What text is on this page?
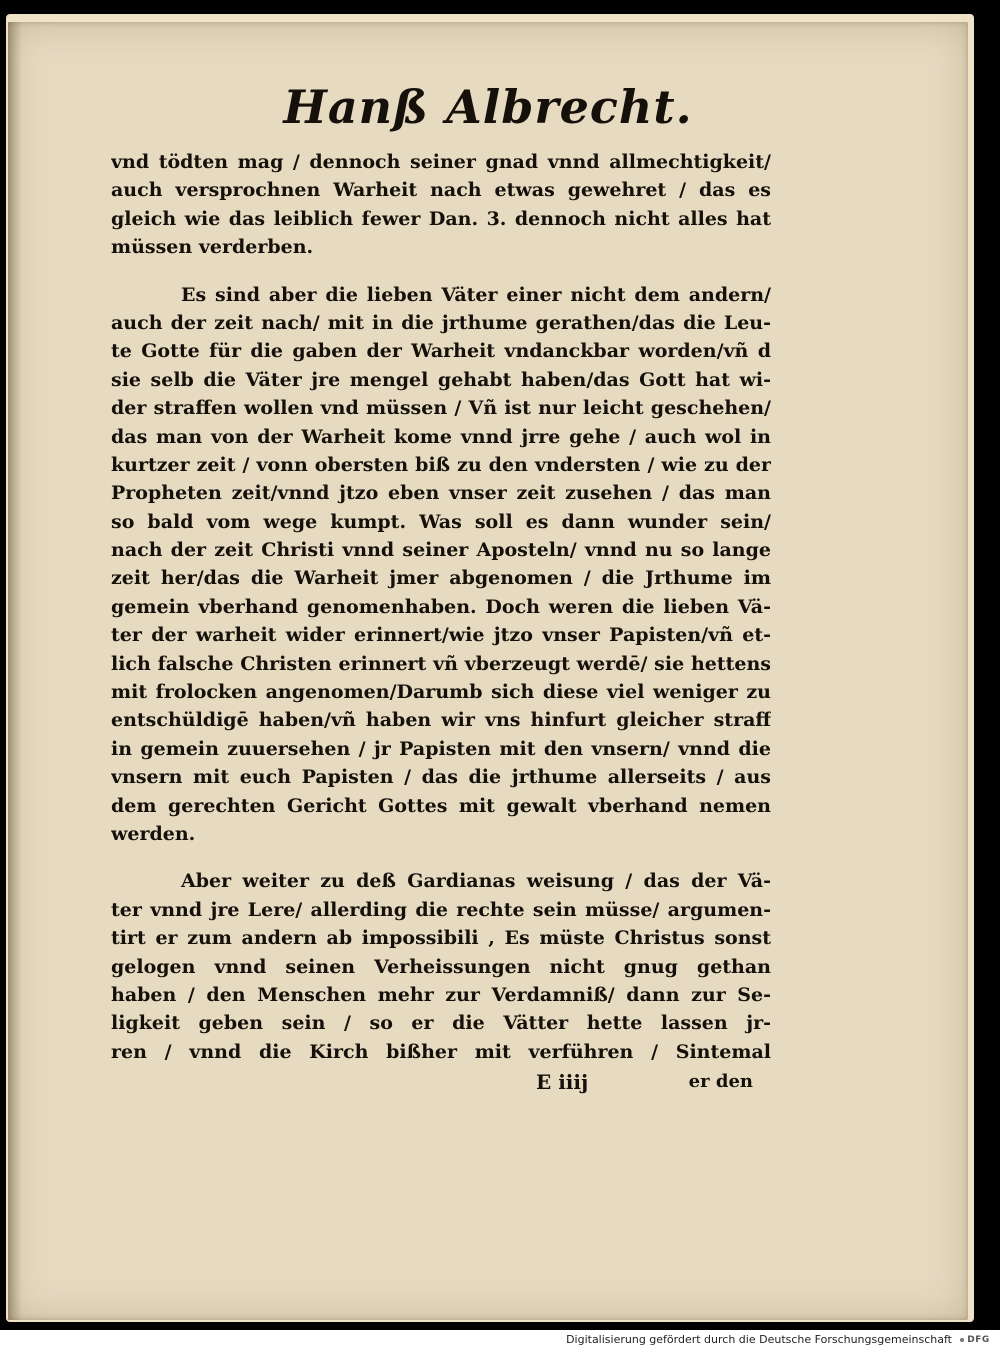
Hanß Albrecht.
vnd tödten mag / dennoch seiner gnad vnnd allmechtigkeit/
auch versprochnen Warheit nach etwas gewehret / das es
gleich wie das leiblich fewer Dan. 3. dennoch nicht alles hat
müssen verderben.
Es sind aber die lieben Väter einer nicht dem andern/
auch der zeit nach/ mit in die jrthume gerathen/das die Leu-
te Gotte für die gaben der Warheit vndanckbar worden/vñ d
sie selb die Väter jre mengel gehabt haben/das Gott hat wi-
der straffen wollen vnd müssen / Vñ ist nur leicht geschehen/
das man von der Warheit kome vnnd jrre gehe / auch wol in
kurtzer zeit / vonn obersten biß zu den vndersten / wie zu der
Propheten zeit/vnnd jtzo eben vnser zeit zusehen / das man
so bald vom wege kumpt. Was soll es dann wunder sein/
nach der zeit Christi vnnd seiner Aposteln/ vnnd nu so lange
zeit her/das die Warheit jmer abgenomen / die Jrthume im
gemein vberhand genomenhaben. Doch weren die lieben Vä-
ter der warheit wider erinnert/wie jtzo vnser Papisten/vñ et-
lich falsche Christen erinnert vñ vberzeugt werdē/ sie hettens
mit frolocken angenomen/Darumb sich diese viel weniger zu
entschüldigē haben/vñ haben wir vns hinfurt gleicher straff
in gemein zuuersehen / jr Papisten mit den vnsern/ vnnd die
vnsern mit euch Papisten / das die jrthume allerseits / aus
dem gerechten Gericht Gottes mit gewalt vberhand nemen
werden.
Aber weiter zu deß Gardianas weisung / das der Vä-
ter vnnd jre Lere/ allerding die rechte sein müsse/ argumen-
tirt er zum andern ab impossibili , Es müste Christus sonst
gelogen vnnd seinen Verheissungen nicht gnug gethan
haben / den Menschen mehr zur Verdamniß/ dann zur Se-
ligkeit geben sein / so er die Vätter hette lassen jr-
ren / vnnd die Kirch bißher mit verführen / Sintemal
E iiij	er den
Digitalisierung gefördert durch die Deutsche Forschungsgemeinschaft DFG
